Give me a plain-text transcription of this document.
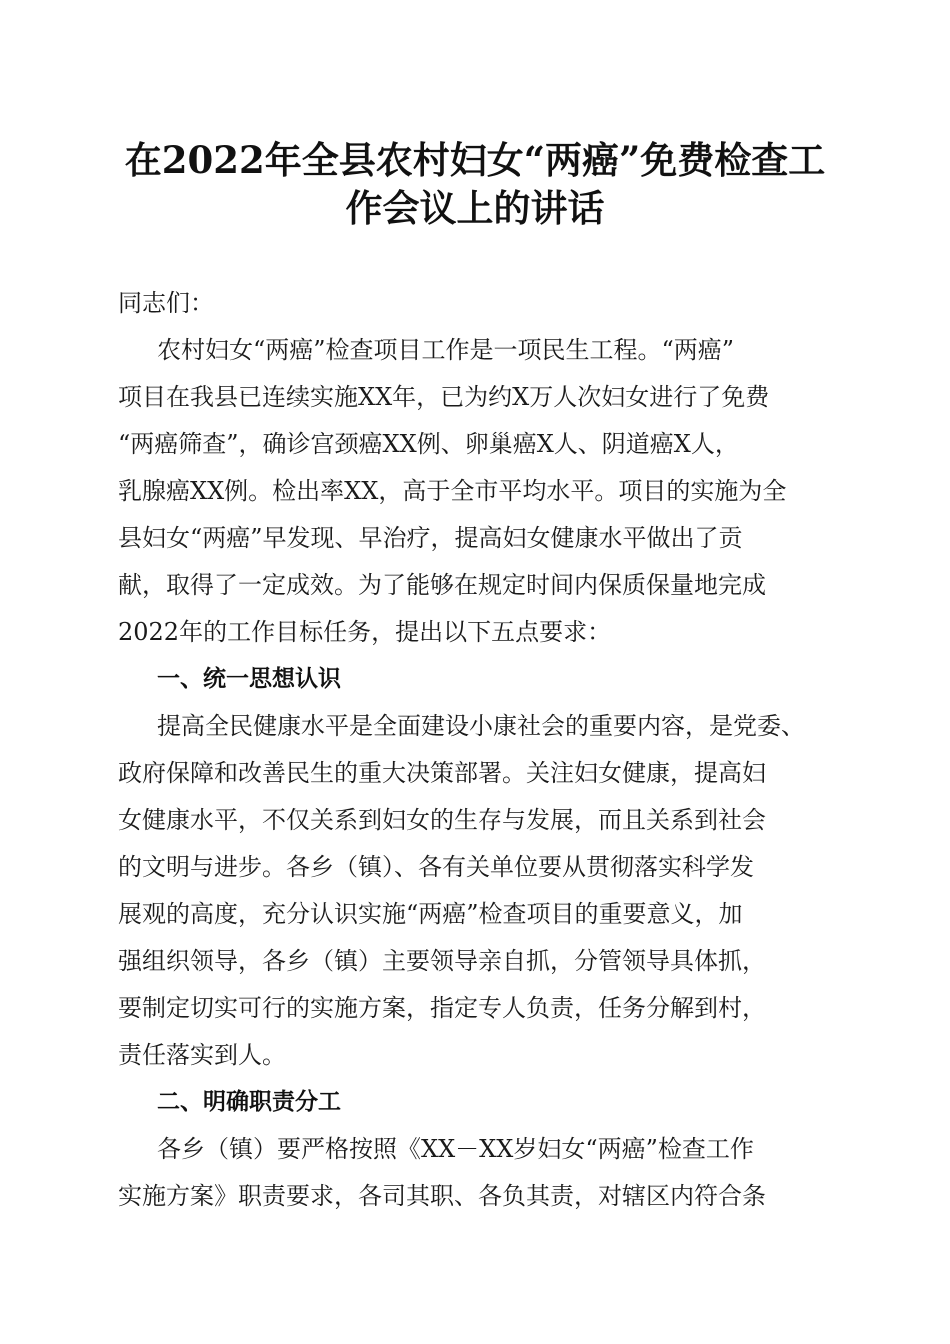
在2022年全县农村妇女“两癌”免费检查工
作会议上的讲话
同志们：
农村妇女“两癌”检查项目工作是一项民生工程。“两癌”
项目在我县已连续实施XX年，已为约X万人次妇女进行了免费
“两癌筛查”，确诊宫颈癌XX例、卵巢癌X人、阴道癌X人，
乳腺癌XX例。检出率XX，高于全市平均水平。项目的实施为全
县妇女“两癌”早发现、早治疗，提高妇女健康水平做出了贡
献，取得了一定成效。为了能够在规定时间内保质保量地完成
2022年的工作目标任务，提出以下五点要求：
一、统一思想认识
提高全民健康水平是全面建设小康社会的重要内容，是党委、
政府保障和改善民生的重大决策部署。关注妇女健康，提高妇
女健康水平，不仅关系到妇女的生存与发展，而且关系到社会
的文明与进步。各乡（镇）、各有关单位要从贯彻落实科学发
展观的高度，充分认识实施“两癌”检查项目的重要意义，加
强组织领导，各乡（镇）主要领导亲自抓，分管领导具体抓，
要制定切实可行的实施方案，指定专人负责，任务分解到村，
责任落实到人。
二、明确职责分工
各乡（镇）要严格按照《XX－XX岁妇女“两癌”检查工作
实施方案》职责要求，各司其职、各负其责，对辖区内符合条
